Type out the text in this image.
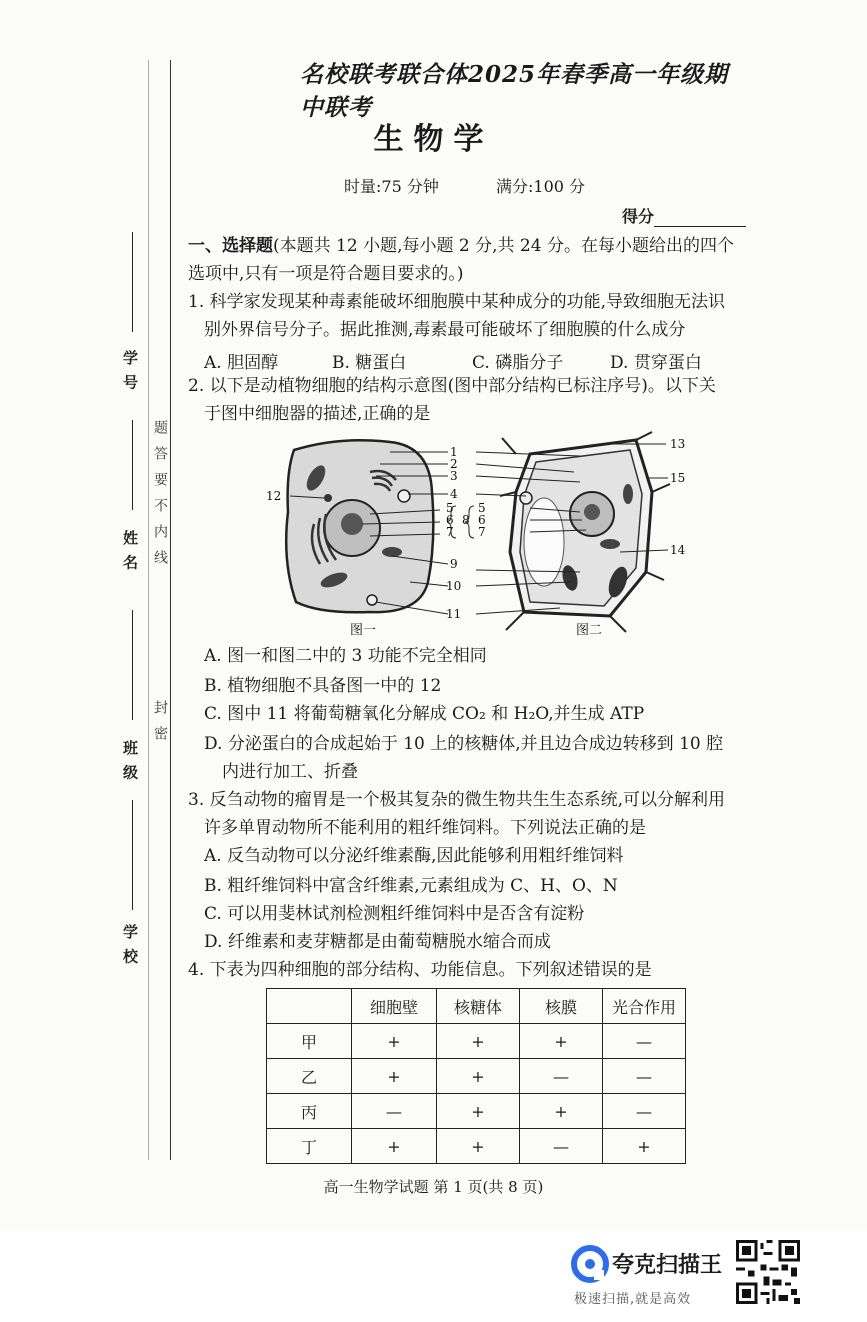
学 号
姓 名
班 级
学 校
题答要不内线
封密
名校联考联合体2025年春季高一年级期中联考
生物学
时量:75 分钟	满分:100 分
得分
一、选择题(本题共 12 小题,每小题 2 分,共 24 分。在每小题给出的四个
选项中,只有一项是符合题目要求的。)
1. 科学家发现某种毒素能破坏细胞膜中某种成分的功能,导致细胞无法识
别外界信号分子。据此推测,毒素最可能破坏了细胞膜的什么成分
A. 胆固醇	B. 糖蛋白	C. 磷脂分子	D. 贯穿蛋白
2. 以下是动植物细胞的结构示意图(图中部分结构已标注序号)。以下关
于图中细胞器的描述,正确的是
1
2
3
4
5
6
7
8
9
10
11
12
13
14
15
5
6
7
图一	图二
A. 图一和图二中的 3 功能不完全相同
B. 植物细胞不具备图一中的 12
C. 图中 11 将葡萄糖氧化分解成 CO₂ 和 H₂O,并生成 ATP
D. 分泌蛋白的合成起始于 10 上的核糖体,并且边合成边转移到 10 腔
内进行加工、折叠
3. 反刍动物的瘤胃是一个极其复杂的微生物共生生态系统,可以分解利用
许多单胃动物所不能利用的粗纤维饲料。下列说法正确的是
A. 反刍动物可以分泌纤维素酶,因此能够利用粗纤维饲料
B. 粗纤维饲料中富含纤维素,元素组成为 C、H、O、N
C. 可以用斐林试剂检测粗纤维饲料中是否含有淀粉
D. 纤维素和麦芽糖都是由葡萄糖脱水缩合而成
4. 下表为四种细胞的部分结构、功能信息。下列叙述错误的是
	细胞壁	核糖体	核膜	光合作用
甲	+	+	+	—
乙	+	+	—	—
丙	—	+	+	—
丁	+	+	—	+
高一生物学试题 第 1 页(共 8 页)
夸克扫描王
极速扫描,就是高效
